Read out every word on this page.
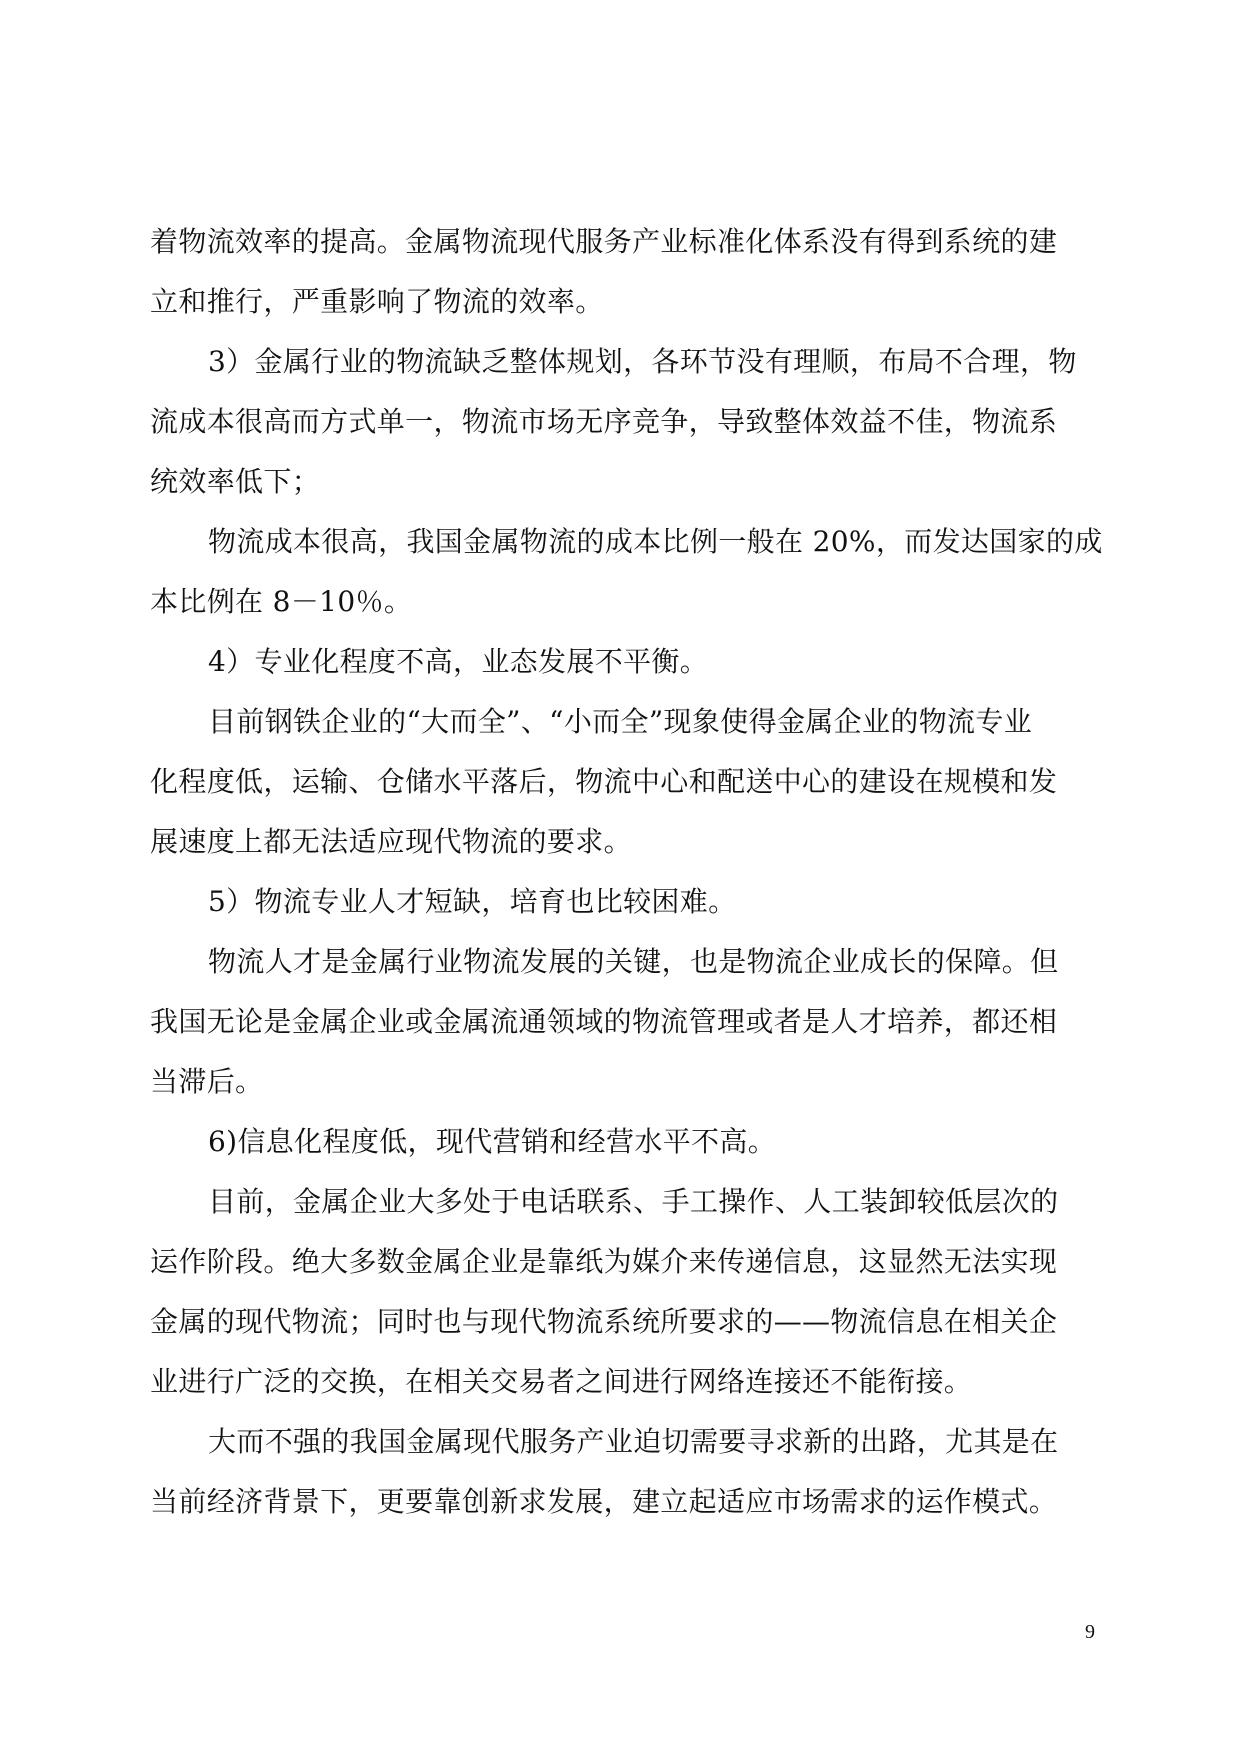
着物流效率的提高。金属物流现代服务产业标准化体系没有得到系统的建
立和推行，严重影响了物流的效率。
3）金属行业的物流缺乏整体规划，各环节没有理顺，布局不合理，物
流成本很高而方式单一，物流市场无序竞争，导致整体效益不佳，物流系
统效率低下；
物流成本很高，我国金属物流的成本比例一般在 20%，而发达国家的成
本比例在 8－10％。
4）专业化程度不高，业态发展不平衡。
目前钢铁企业的“大而全”、“小而全”现象使得金属企业的物流专业
化程度低，运输、仓储水平落后，物流中心和配送中心的建设在规模和发
展速度上都无法适应现代物流的要求。
5）物流专业人才短缺，培育也比较困难。
物流人才是金属行业物流发展的关键，也是物流企业成长的保障。但
我国无论是金属企业或金属流通领域的物流管理或者是人才培养，都还相
当滞后。
6)信息化程度低，现代营销和经营水平不高。
目前，金属企业大多处于电话联系、手工操作、人工装卸较低层次的
运作阶段。绝大多数金属企业是靠纸为媒介来传递信息，这显然无法实现
金属的现代物流；同时也与现代物流系统所要求的——物流信息在相关企
业进行广泛的交换，在相关交易者之间进行网络连接还不能衔接。
大而不强的我国金属现代服务产业迫切需要寻求新的出路，尤其是在
当前经济背景下，更要靠创新求发展，建立起适应市场需求的运作模式。
9
